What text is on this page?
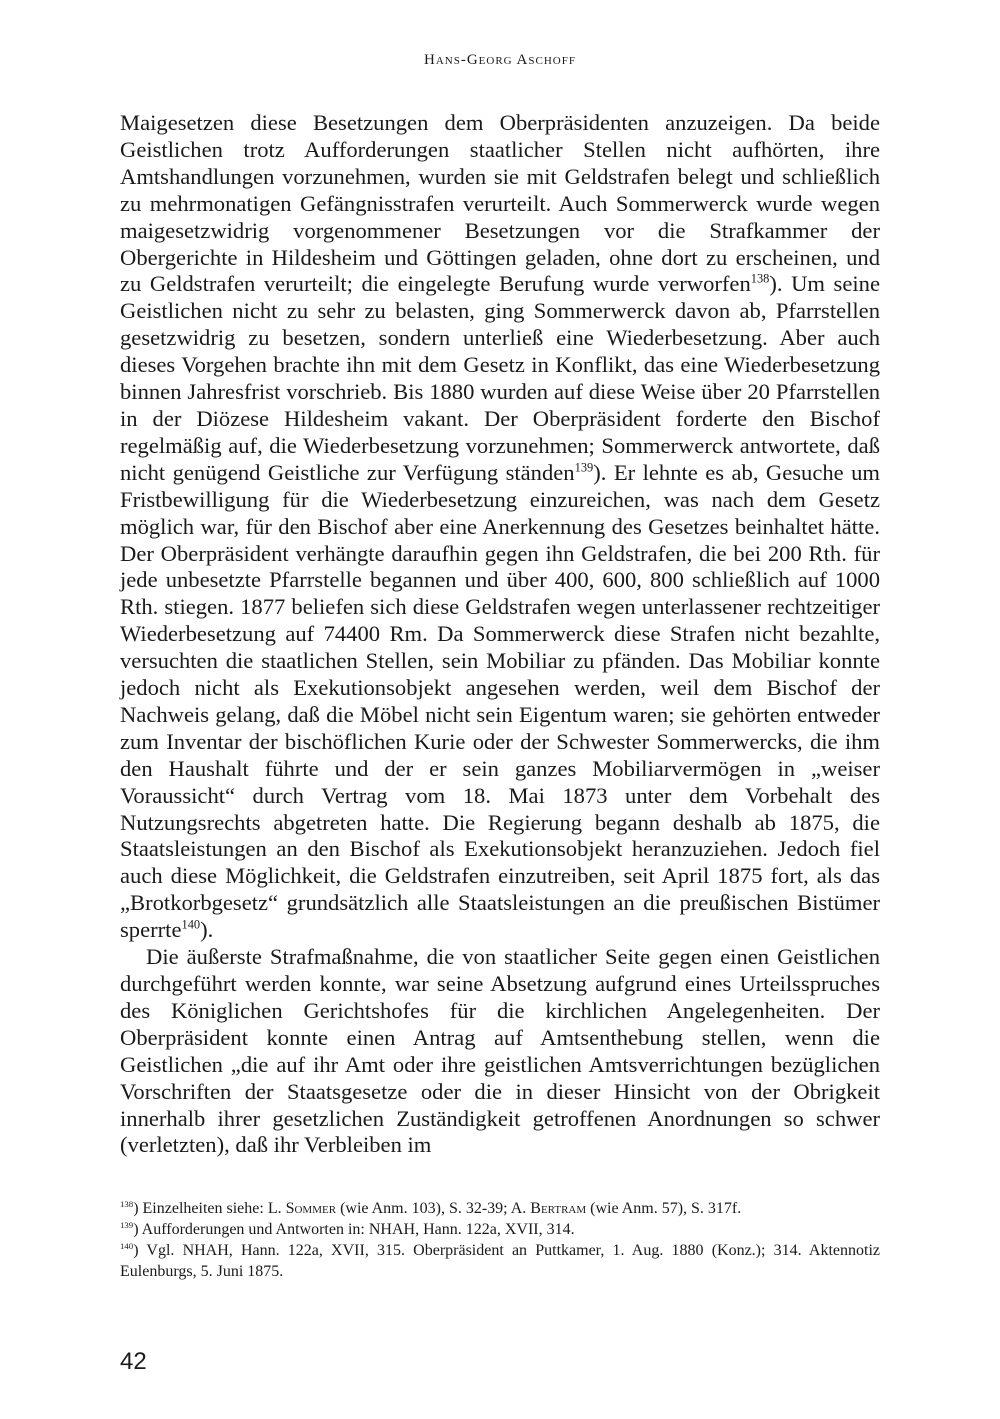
Hans-Georg Aschoff

Maigesetzen diese Besetzungen dem Oberpräsidenten anzuzeigen. Da beide Geistlichen trotz Aufforderungen staatlicher Stellen nicht aufhörten, ihre Amtshandlungen vorzunehmen, wurden sie mit Geldstrafen belegt und schließlich zu mehrmonatigen Gefängnisstrafen verurteilt. Auch Sommerwerck wurde wegen maigesetzwidrig vorgenommener Besetzungen vor die Strafkammer der Obergerichte in Hildesheim und Göttingen geladen, ohne dort zu erscheinen, und zu Geldstrafen verurteilt; die eingelegte Berufung wurde verworfen$^{138}$). Um seine Geistlichen nicht zu sehr zu belasten, ging Sommerwerck davon ab, Pfarrstellen gesetzwidrig zu besetzen, sondern unterließ eine Wiederbesetzung. Aber auch dieses Vorgehen brachte ihn mit dem Gesetz in Konflikt, das eine Wiederbesetzung binnen Jahresfrist vorschrieb. Bis 1880 wurden auf diese Weise über 20 Pfarrstellen in der Diözese Hildesheim vakant. Der Oberpräsident forderte den Bischof regelmäßig auf, die Wiederbesetzung vorzunehmen; Sommerwerck antwortete, daß nicht genügend Geistliche zur Verfügung ständen$^{139}$). Er lehnte es ab, Gesuche um Fristbewilligung für die Wiederbesetzung einzureichen, was nach dem Gesetz möglich war, für den Bischof aber eine Anerkennung des Gesetzes beinhaltet hätte. Der Oberpräsident verhängte daraufhin gegen ihn Geldstrafen, die bei 200 Rth. für jede unbesetzte Pfarrstelle begannen und über 400, 600, 800 schließlich auf 1000 Rth. stiegen. 1877 beliefen sich diese Geldstrafen wegen unterlassener rechtzeitiger Wiederbesetzung auf 74400 Rm. Da Sommerwerck diese Strafen nicht bezahlte, versuchten die staatlichen Stellen, sein Mobiliar zu pfänden. Das Mobiliar konnte jedoch nicht als Exekutionsobjekt angesehen werden, weil dem Bischof der Nachweis gelang, daß die Möbel nicht sein Eigentum waren; sie gehörten entweder zum Inventar der bischöflichen Kurie oder der Schwester Sommerwercks, die ihm den Haushalt führte und der er sein ganzes Mobiliarvermögen in „weiser Voraussicht“ durch Vertrag vom 18. Mai 1873 unter dem Vorbehalt des Nutzungsrechts abgetreten hatte. Die Regierung begann deshalb ab 1875, die Staatsleistungen an den Bischof als Exekutionsobjekt heranzuziehen. Jedoch fiel auch diese Möglichkeit, die Geldstrafen einzutreiben, seit April 1875 fort, als das „Brotkorbgesetz“ grundsätzlich alle Staatsleistungen an die preußischen Bistümer sperrte$^{140}$).

Die äußerste Strafmaßnahme, die von staatlicher Seite gegen einen Geistlichen durchgeführt werden konnte, war seine Absetzung aufgrund eines Urteilsspruches des Königlichen Gerichtshofes für die kirchlichen Angelegenheiten. Der Oberpräsident konnte einen Antrag auf Amtsenthebung stellen, wenn die Geistlichen „die auf ihr Amt oder ihre geistlichen Amtsverrichtungen bezüglichen Vorschriften der Staatsgesetze oder die in dieser Hinsicht von der Obrigkeit innerhalb ihrer gesetzlichen Zuständigkeit getroffenen Anordnungen so schwer (verletzten), daß ihr Verbleiben im

$^{138}$) Einzelheiten siehe: L. Sommer (wie Anm. 103), S. 32-39; A. Bertram (wie Anm. 57), S. 317f.

$^{139}$) Aufforderungen und Antworten in: NHAH, Hann. 122a, XVII, 314.

$^{140}$) Vgl. NHAH, Hann. 122a, XVII, 315. Oberpräsident an Puttkamer, 1. Aug. 1880 (Konz.); 314. Aktennotiz Eulenburgs, 5. Juni 1875.

42
